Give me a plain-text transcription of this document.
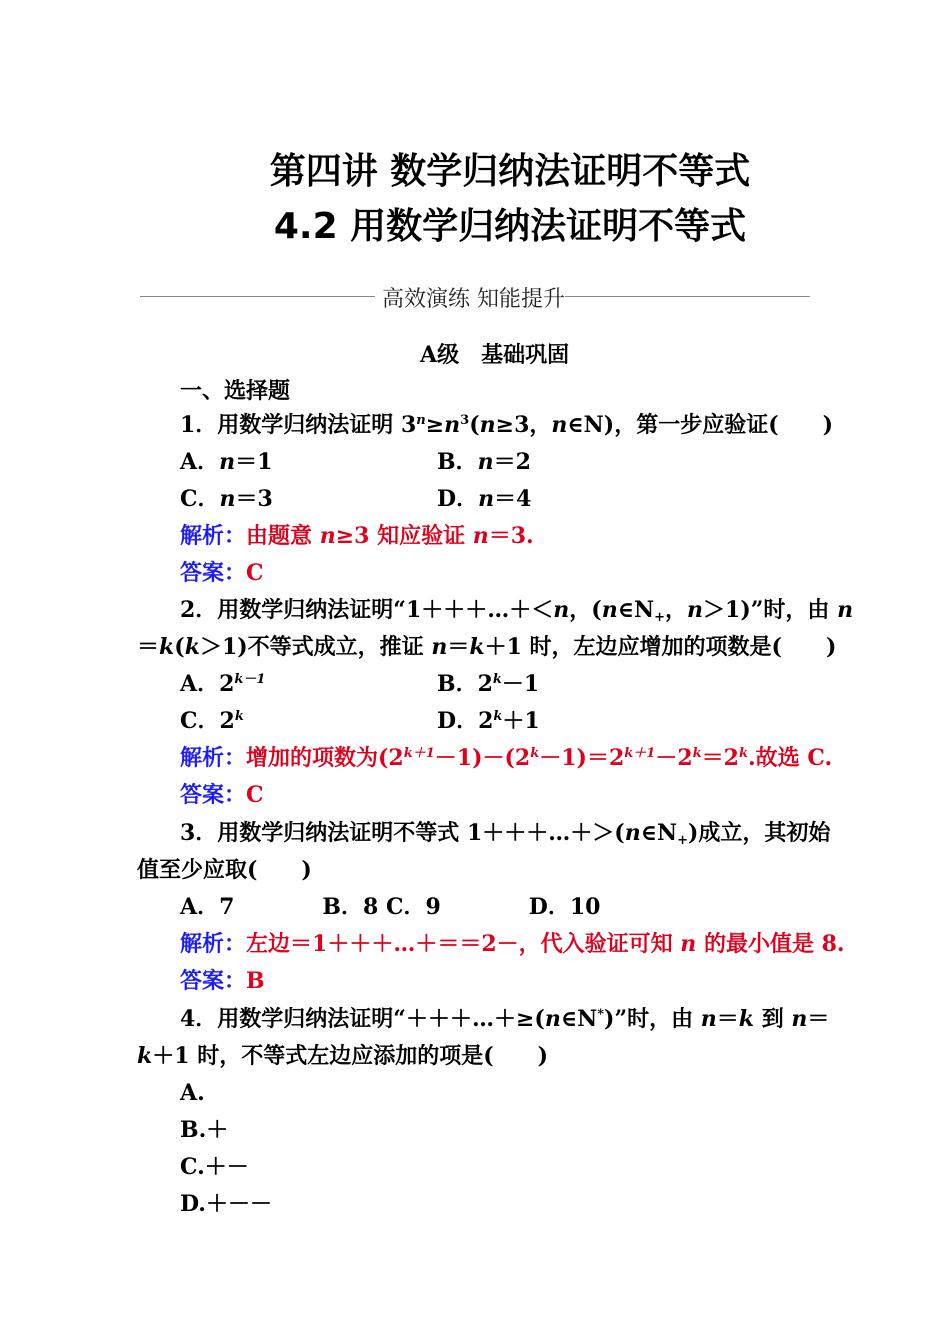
第四讲 数学归纳法证明不等式
4.2 用数学归纳法证明不等式
高效演练 知能提升
A级　基础巩固
一、选择题
1．用数学归纳法证明 $3^n\ge n^3(n\ge 3$，n∈N)，第一步应验证(　　)
A．n＝1	B．n＝2
C．n＝3	D．n＝4
解析：由题意 n≥3 知应验证 n＝3.
答案：C
2．用数学归纳法证明“1＋＋＋…＋＜n，($n\in N_+$，n＞1)”时，由 n
＝k(k＞1)不等式成立，推证 n＝k＋1 时，左边应增加的项数是(　　)
A．$2^{k-1}$	B．$2^k-1$
C．2$^k$	D．$2^k+1$
解析：增加的项数为$(2^{k+1}-1)-(2^k-1)=2^{k+1}-2^k=2^k$.故选 C.
答案：C
3．用数学归纳法证明不等式 $1+++\dots+>(n\in N_+)$成立，其初始
值至少应取(　　)
A．7　　　　B．8 C．9　　　　D．10
解析：左边＝1＋＋＋…＋＝＝2－，代入验证可知 n 的最小值是 8.
答案：B
4．用数学归纳法证明“＋＋＋…＋≥(n∈N*)”时，由 n＝k 到 n＝
k＋1 时，不等式左边应添加的项是(　　)
A.
B.＋
C.＋－
D.＋－－
